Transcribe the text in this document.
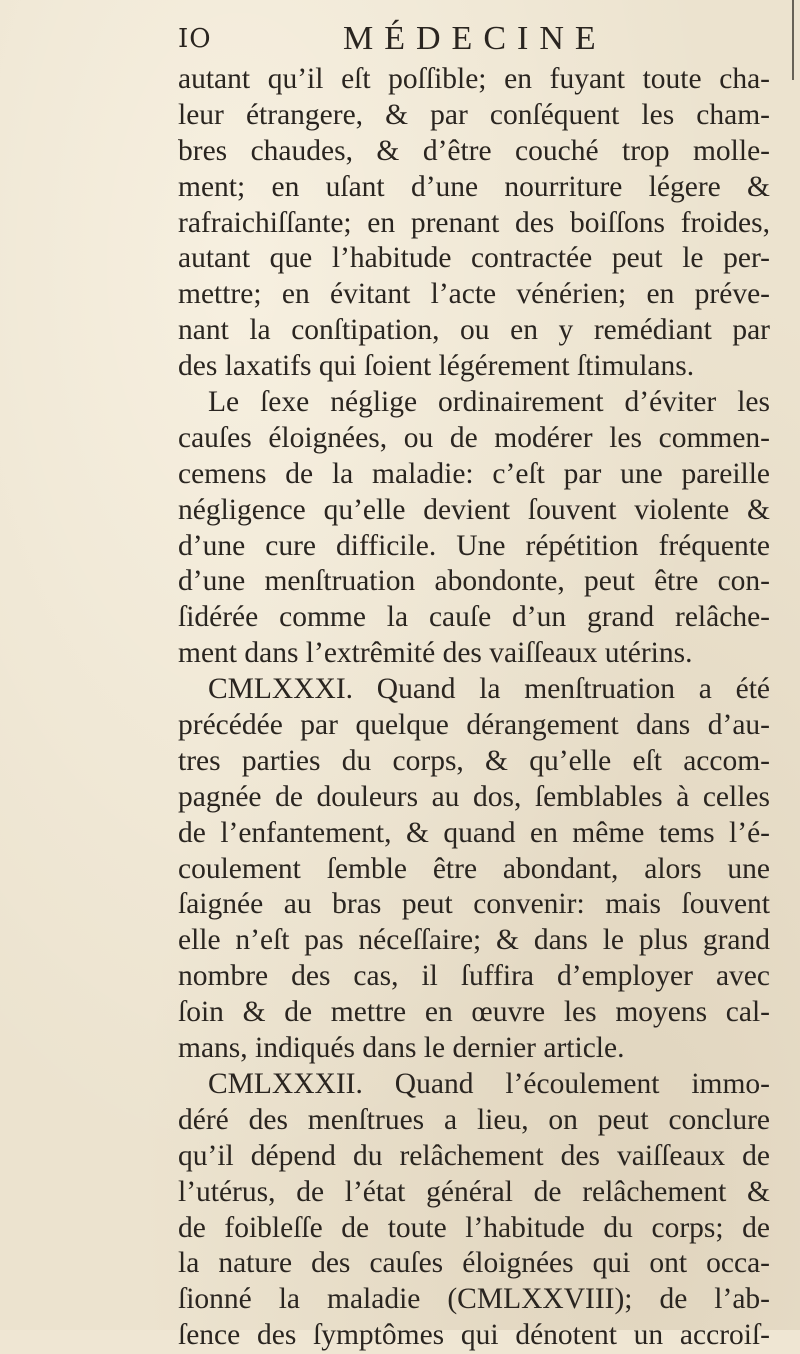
IO	MÉDECINE
autant qu’il eſt poſſible; en fuyant toute cha-
leur étrangere, & par conſéquent les cham-
bres chaudes, & d’être couché trop molle-
ment; en uſant d’une nourriture légere &
rafraichiſſante; en prenant des boiſſons froides,
autant que l’habitude contractée peut le per-
mettre; en évitant l’acte vénérien; en préve-
nant la conſtipation, ou en y remédiant par
des laxatifs qui ſoient légérement ſtimulans.
Le ſexe néglige ordinairement d’éviter les
cauſes éloignées, ou de modérer les commen-
cemens de la maladie: c’eſt par une pareille
négligence qu’elle devient ſouvent violente &
d’une cure difficile. Une répétition fréquente
d’une menſtruation abondonte, peut être con-
ſidérée comme la cauſe d’un grand relâche-
ment dans l’extrêmité des vaiſſeaux utérins.
CMLXXXI. Quand la menſtruation a été
précédée par quelque dérangement dans d’au-
tres parties du corps, & qu’elle eſt accom-
pagnée de douleurs au dos, ſemblables à celles
de l’enfantement, & quand en même tems l’é-
coulement ſemble être abondant, alors une
ſaignée au bras peut convenir: mais ſouvent
elle n’eſt pas néceſſaire; & dans le plus grand
nombre des cas, il ſuffira d’employer avec
ſoin & de mettre en œuvre les moyens cal-
mans, indiqués dans le dernier article.
CMLXXXII. Quand l’écoulement immo-
déré des menſtrues a lieu, on peut conclure
qu’il dépend du relâchement des vaiſſeaux de
l’utérus, de l’état général de relâchement &
de foibleſſe de toute l’habitude du corps; de
la nature des cauſes éloignées qui ont occa-
ſionné la maladie (CMLXXVIII); de l’ab-
ſence des ſymptômes qui dénotent un accroiſ-
